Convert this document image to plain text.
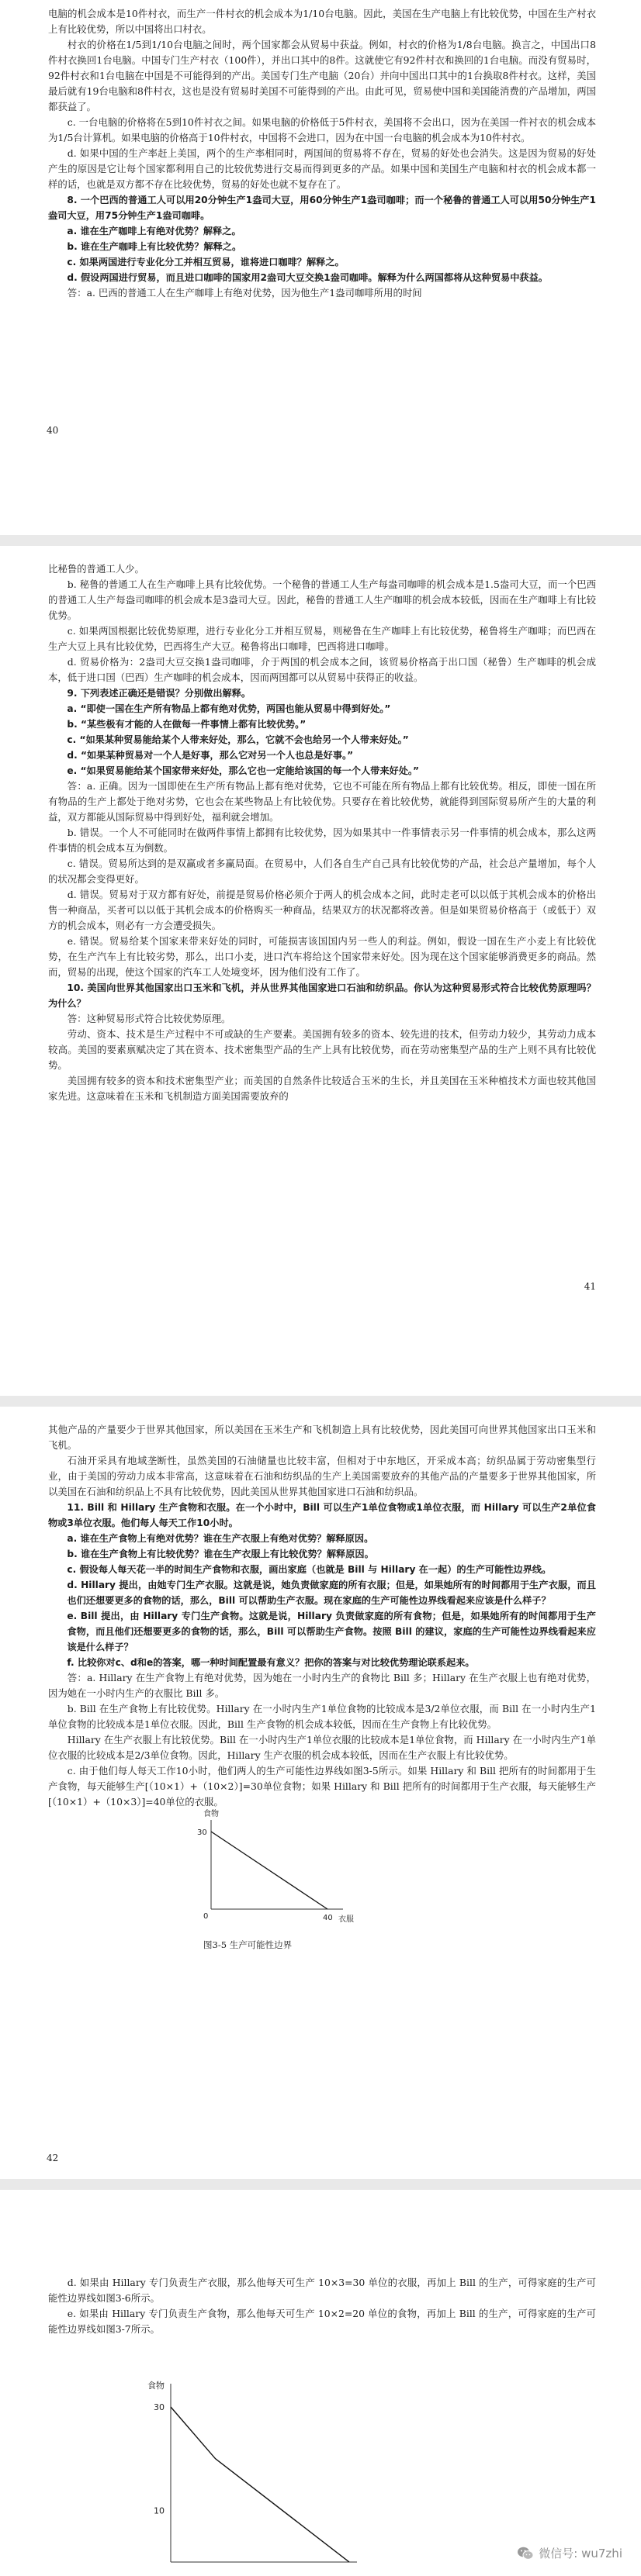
电脑的机会成本是10件村衣，而生产一件村衣的机会成本为1/10台电脑。因此，美国在生产电脑上有比较优势，中国在生产村衣上有比较优势，所以中国将出口村衣。

村衣的价格在1/5到1/10台电脑之间时，两个国家都会从贸易中获益。例如，村衣的价格为1/8台电脑。换言之，中国出口8件村衣换回1台电脑。中国专门生产村衣（100件），并出口其中的8件。这就使它有92件村衣和换回的1台电脑。而没有贸易时，92件村衣和1台电脑在中国是不可能得到的产出。美国专门生产电脑（20台）并向中国出口其中的1台换取8件村衣。这样，美国最后就有19台电脑和8件村衣，这也是没有贸易时美国不可能得到的产出。由此可见，贸易使中国和美国能消费的产品增加，两国都获益了。

c. 一台电脑的价格将在5到10件衬衣之间。如果电脑的价格低于5件村衣，美国将不会出口，因为在美国一件衬衣的机会成本为1/5台计算机。如果电脑的价格高于10件村衣，中国将不会进口，因为在中国一台电脑的机会成本为10件村衣。

d. 如果中国的生产率赶上美国，两个的生产率相同时，两国间的贸易将不存在，贸易的好处也会消失。这是因为贸易的好处产生的原因是它让每个国家都利用自己的比较优势进行交易而得到更多的产品。如果中国和美国生产电脑和村衣的机会成本都一样的话，也就是双方都不存在比较优势，贸易的好处也就不复存在了。

8. 一个巴西的普通工人可以用20分钟生产1盎司大豆，用60分钟生产1盎司咖啡；而一个秘鲁的普通工人可以用50分钟生产1盎司大豆，用75分钟生产1盎司咖啡。

a. 谁在生产咖啡上有绝对优势？解释之。

b. 谁在生产咖啡上有比较优势？解释之。

c. 如果两国进行专业化分工并相互贸易，谁将进口咖啡？解释之。

d. 假设两国进行贸易，而且进口咖啡的国家用2盎司大豆交换1盎司咖啡。解释为什么两国都将从这种贸易中获益。

答：a. 巴西的普通工人在生产咖啡上有绝对优势，因为他生产1盎司咖啡所用的时间

40

比秘鲁的普通工人少。

b. 秘鲁的普通工人在生产咖啡上具有比较优势。一个秘鲁的普通工人生产每盎司咖啡的机会成本是1.5盎司大豆，而一个巴西的普通工人生产每盎司咖啡的机会成本是3盎司大豆。因此，秘鲁的普通工人生产咖啡的机会成本较低，因而在生产咖啡上有比较优势。

c. 如果两国根据比较优势原理，进行专业化分工并相互贸易，则秘鲁在生产咖啡上有比较优势，秘鲁将生产咖啡；而巴西在生产大豆上具有比较优势，巴西将生产大豆。秘鲁将出口咖啡，巴西将进口咖啡。

d. 贸易价格为：2盎司大豆交换1盎司咖啡，介于两国的机会成本之间，该贸易价格高于出口国（秘鲁）生产咖啡的机会成本，低于进口国（巴西）生产咖啡的机会成本，因而两国都可以从贸易中获得正的收益。

9. 下列表述正确还是错误？分别做出解释。

a. “即使一国在生产所有物品上都有绝对优势，两国也能从贸易中得到好处。”

b. “某些极有才能的人在做每一件事情上都有比较优势。”

c. “如果某种贸易能给某个人带来好处，那么，它就不会也给另一个人带来好处。”

d. “如果某种贸易对一个人是好事，那么它对另一个人也总是好事。”

e. “如果贸易能给某个国家带来好处，那么它也一定能给该国的每一个人带来好处。”

答：a. 正确。因为一国即使在生产所有物品上都有绝对优势，它也不可能在所有物品上都有比较优势。相反，即使一国在所有物品的生产上都处于绝对劣势，它也会在某些物品上有比较优势。只要存在着比较优势，就能得到国际贸易所产生的大量的利益，双方都能从国际贸易中得到好处，福利就会增加。

b. 错误。一个人不可能同时在做两件事情上都拥有比较优势，因为如果其中一件事情表示另一件事情的机会成本，那么这两件事情的机会成本互为倒数。

c. 错误。贸易所达到的是双赢或者多赢局面。在贸易中，人们各自生产自己具有比较优势的产品，社会总产量增加，每个人的状况都会变得更好。

d. 错误。贸易对于双方都有好处，前提是贸易价格必须介于两人的机会成本之间，此时走老可以以低于其机会成本的价格出售一种商品，买者可以以低于其机会成本的价格购买一种商品，结果双方的状况都将改善。但是如果贸易价格高于（或低于）双方的机会成本，则必有一方会遭受损失。

e. 错误。贸易给某个国家来带来好处的同时，可能损害该国国内另一些人的利益。例如，假设一国在生产小麦上有比较优势，在生产汽车上有比较劣势，那么，出口小麦，进口汽车将给这个国家带来好处。因为现在这个国家能够消费更多的商品。然而，贸易的出现，使这个国家的汽车工人处境变坏，因为他们没有工作了。

10. 美国向世界其他国家出口玉米和飞机，并从世界其他国家进口石油和纺织品。你认为这种贸易形式符合比较优势原理吗？为什么？

答：这种贸易形式符合比较优势原理。

劳动、资本、技术是生产过程中不可或缺的生产要素。美国拥有较多的资本、较先进的技术，但劳动力较少，其劳动力成本较高。美国的要素禀赋决定了其在资本、技术密集型产品的生产上具有比较优势，而在劳动密集型产品的生产上则不具有比较优势。

美国拥有较多的资本和技术密集型产业；而美国的自然条件比较适合玉米的生长，并且美国在玉米种植技术方面也较其他国家先进。这意味着在玉米和飞机制造方面美国需要放弃的

41

其他产品的产量要少于世界其他国家，所以美国在玉米生产和飞机制造上具有比较优势，因此美国可向世界其他国家出口玉米和飞机。

石油开采具有地域垄断性，虽然美国的石油储量也比较丰富，但相对于中东地区，开采成本高；纺织品属于劳动密集型行业，由于美国的劳动力成本非常高，这意味着在石油和纺织品的生产上美国需要放弃的其他产品的产量要多于世界其他国家，所以美国在石油和纺织品上不具有比较优势，因此美国从世界其他国家进口石油和纺织品。

11. Bill 和 Hillary 生产食物和衣服。在一个小时中，Bill 可以生产1单位食物或1单位衣服，而 Hillary 可以生产2单位食物或3单位衣服。他们每人每天工作10小时。

a. 谁在生产食物上有绝对优势？谁在生产衣服上有绝对优势？解释原因。

b. 谁在生产食物上有比较优势？谁在生产衣服上有比较优势？解释原因。

c. 假设每人每天花一半的时间生产食物和衣服，画出家庭（也就是 Bill 与 Hillary 在一起）的生产可能性边界线。

d. Hillary 提出，由她专门生产衣服。这就是说，她负责做家庭的所有衣服；但是，如果她所有的时间都用于生产衣服，而且也们还想要更多的食物的话，那么，Bill 可以帮助生产衣服。现在家庭的生产可能性边界线看起来应该是什么样子？

e. Bill 提出，由 Hillary 专门生产食物。这就是说，Hillary 负责做家庭的所有食物；但是，如果她所有的时间都用于生产食物，而且他们还想要更多的食物的话，那么，Bill 可以帮助生产食物。按照 Bill 的建议，家庭的生产可能性边界线看起来应该是什么样子？

f. 比较你对c、d和e的答案，哪一种时间配置最有意义？把你的答案与对比较优势理论联系起来。

答：a. Hillary 在生产食物上有绝对优势，因为她在一小时内生产的食物比 Bill 多；Hillary 在生产衣服上也有绝对优势，因为她在一小时内生产的衣服比 Bill 多。

b. Bill 在生产食物上有比较优势。Hillary 在一小时内生产1单位食物的比较成本是3/2单位衣服，而 Bill 在一小时内生产1单位食物的比较成本是1单位衣服。因此，Bill 生产食物的机会成本较低，因而在生产食物上有比较优势。

Hillary 在生产衣服上有比较优势。Bill 在一小时内生产1单位衣服的比较成本是1单位食物，而 Hillary 在一小时内生产1单位衣服的比较成本是2/3单位食物。因此，Hillary 生产衣服的机会成本较低，因而在生产衣服上有比较优势。

c. 由于他们每人每天工作10小时，他们两人的生产可能性边界线如图3-5所示。如果 Hillary 和 Bill 把所有的时间都用于生产食物，每天能够生产[（10×1）+（10×2）]=30单位食物；如果 Hillary 和 Bill 把所有的时间都用于生产衣服，每天能够生产[（10×1）+（10×3）]=40单位的衣服。

食物
衣服
30
40
0

图3-5 生产可能性边界

42

d. 如果由 Hillary 专门负责生产衣服，那么他每天可生产 10×3=30 单位的衣服，再加上 Bill 的生产，可得家庭的生产可能性边界线如图3-6所示。

e. 如果由 Hillary 专门负责生产食物，那么他每天可生产 10×2=20 单位的食物，再加上 Bill 的生产，可得家庭的生产可能性边界线如图3-7所示。

食物
30
10
微信号: wu7zhi
